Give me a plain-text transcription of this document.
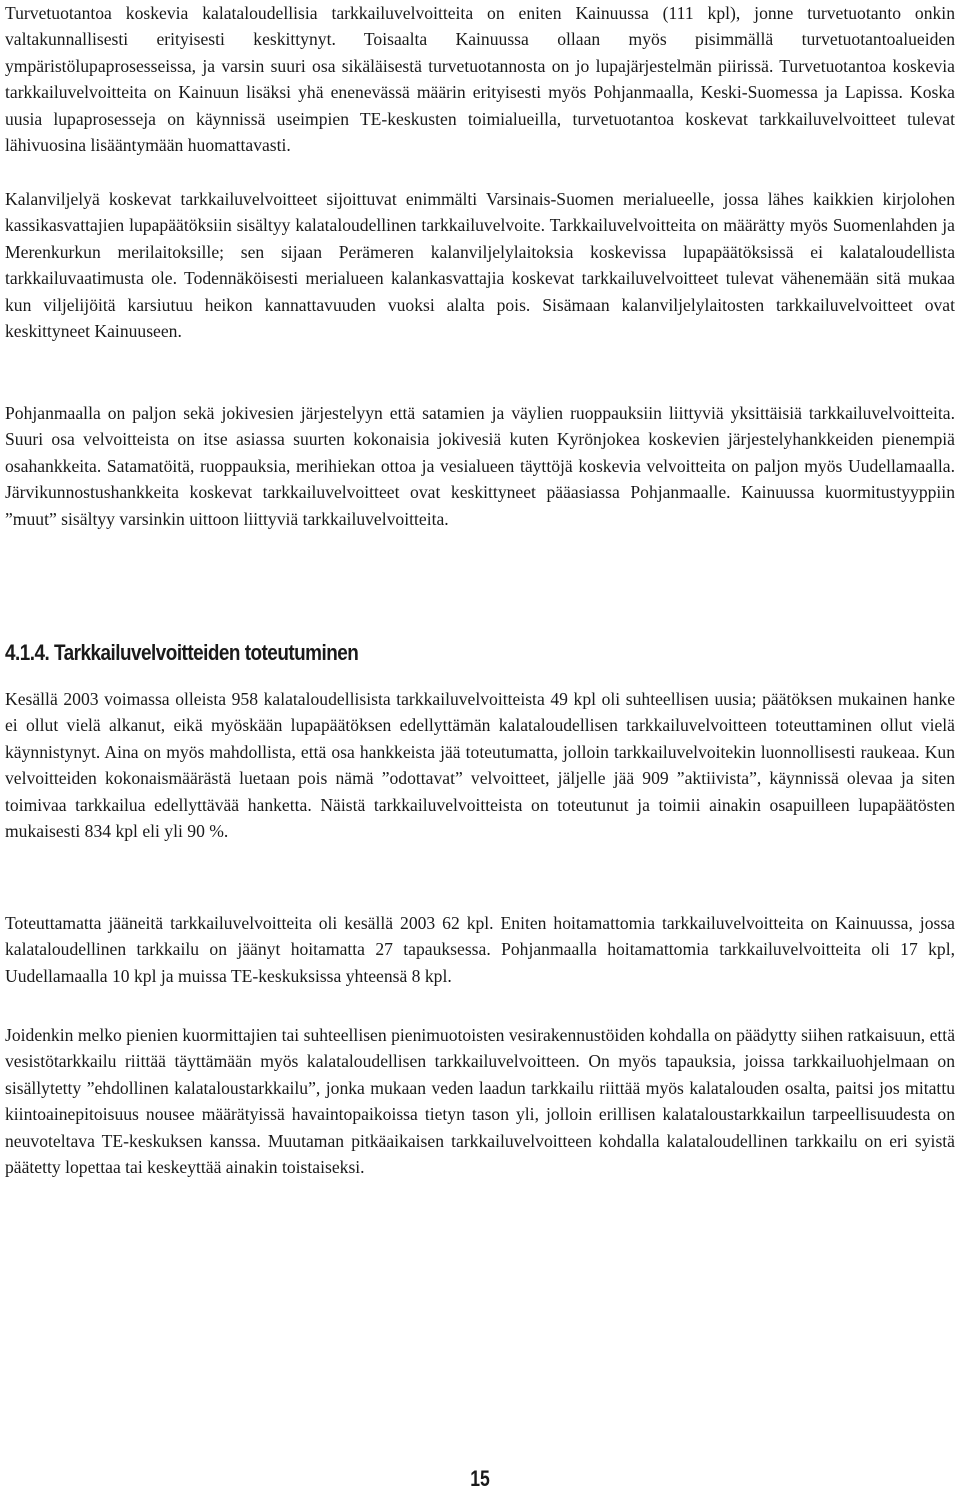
Turvetuotantoa koskevia kalataloudellisia tarkkailuvelvoitteita on eniten Kainuussa (111 kpl), jonne turvetuotanto onkin valtakunnallisesti erityisesti keskittynyt. Toisaalta Kainuussa ollaan myös pisimmällä turvetuotantoalueiden ympäristölupaprosesseissa, ja varsin suuri osa sikäläisestä turvetuotannosta on jo lupajärjestelmän piirissä. Turvetuotantoa koskevia tarkkailuvelvoitteita on Kainuun lisäksi yhä enenevässä määrin erityisesti myös Pohjanmaalla, Keski-Suomessa ja Lapissa. Koska uusia lupaprosesseja on käynnissä useimpien TE-keskusten toimialueilla, turvetuotantoa koskevat tarkkailuvelvoitteet tulevat lähivuosina lisääntymään huomattavasti.

Kalanviljelyä koskevat tarkkailuvelvoitteet sijoittuvat enimmälti Varsinais-Suomen merialueelle, jossa lähes kaikkien kirjolohen kassikasvattajien lupapäätöksiin sisältyy kalataloudellinen tarkkailuvelvoite. Tarkkailuvelvoitteita on määrätty myös Suomenlahden ja Merenkurkun merilaitoksille; sen sijaan Perämeren kalanviljelylaitoksia koskevissa lupapäätöksissä ei kalataloudellista tarkkailuvaatimusta ole. Todennäköisesti merialueen kalankasvattajia koskevat tarkkailuvelvoitteet tulevat vähenemään sitä mukaa kun viljelijöitä karsiutuu heikon kannattavuuden vuoksi alalta pois. Sisämaan kalanviljelylaitosten tarkkailuvelvoitteet ovat keskittyneet Kainuuseen.

Pohjanmaalla on paljon sekä jokivesien järjestelyyn että satamien ja väylien ruoppauksiin liittyviä yksittäisiä tarkkailuvelvoitteita. Suuri osa velvoitteista on itse asiassa suurten kokonaisia jokivesiä kuten Kyrönjokea koskevien järjestelyhankkeiden pienempiä osahankkeita. Satamatöitä, ruoppauksia, merihiekan ottoa ja vesialueen täyttöjä koskevia velvoitteita on paljon myös Uudellamaalla. Järvikunnostushankkeita koskevat tarkkailuvelvoitteet ovat keskittyneet pääasiassa Pohjanmaalle. Kainuussa kuormitustyyppiin ”muut” sisältyy varsinkin uittoon liittyviä tarkkailuvelvoitteita.

4.1.4. Tarkkailuvelvoitteiden toteutuminen

Kesällä 2003 voimassa olleista 958 kalataloudellisista tarkkailuvelvoitteista 49 kpl oli suhteellisen uusia; päätöksen mukainen hanke ei ollut vielä alkanut, eikä myöskään lupapäätöksen edellyttämän kalataloudellisen tarkkailuvelvoitteen toteuttaminen ollut vielä käynnistynyt. Aina on myös mahdollista, että osa hankkeista jää toteutumatta, jolloin tarkkailuvelvoitekin luonnollisesti raukeaa. Kun velvoitteiden kokonaismäärästä luetaan pois nämä ”odottavat” velvoitteet, jäljelle jää 909 ”aktiivista”, käynnissä olevaa ja siten toimivaa tarkkailua edellyttävää hanketta. Näistä tarkkailuvelvoitteista on toteutunut ja toimii ainakin osapuilleen lupapäätösten mukaisesti 834 kpl eli yli 90 %.

Toteuttamatta jääneitä tarkkailuvelvoitteita oli kesällä 2003 62 kpl. Eniten hoitamattomia tarkkailuvelvoitteita on Kainuussa, jossa kalataloudellinen tarkkailu on jäänyt hoitamatta 27 tapauksessa. Pohjanmaalla hoitamattomia tarkkailuvelvoitteita oli 17 kpl, Uudellamaalla 10 kpl ja muissa TE-keskuksissa yhteensä 8 kpl.

Joidenkin melko pienien kuormittajien tai suhteellisen pienimuotoisten vesirakennustöiden kohdalla on päädytty siihen ratkaisuun, että vesistötarkkailu riittää täyttämään myös kalataloudellisen tarkkailuvelvoitteen. On myös tapauksia, joissa tarkkailuohjelmaan on sisällytetty ”ehdollinen kalataloustarkkailu”, jonka mukaan veden laadun tarkkailu riittää myös kalatalouden osalta, paitsi jos mitattu kiintoainepitoisuus nousee määrätyissä havaintopaikoissa tietyn tason yli, jolloin erillisen kalataloustarkkailun tarpeellisuudesta on neuvoteltava TE-keskuksen kanssa. Muutaman pitkäaikaisen tarkkailuvelvoitteen kohdalla kalataloudellinen tarkkailu on eri syistä päätetty lopettaa tai keskeyttää ainakin toistaiseksi.

15
